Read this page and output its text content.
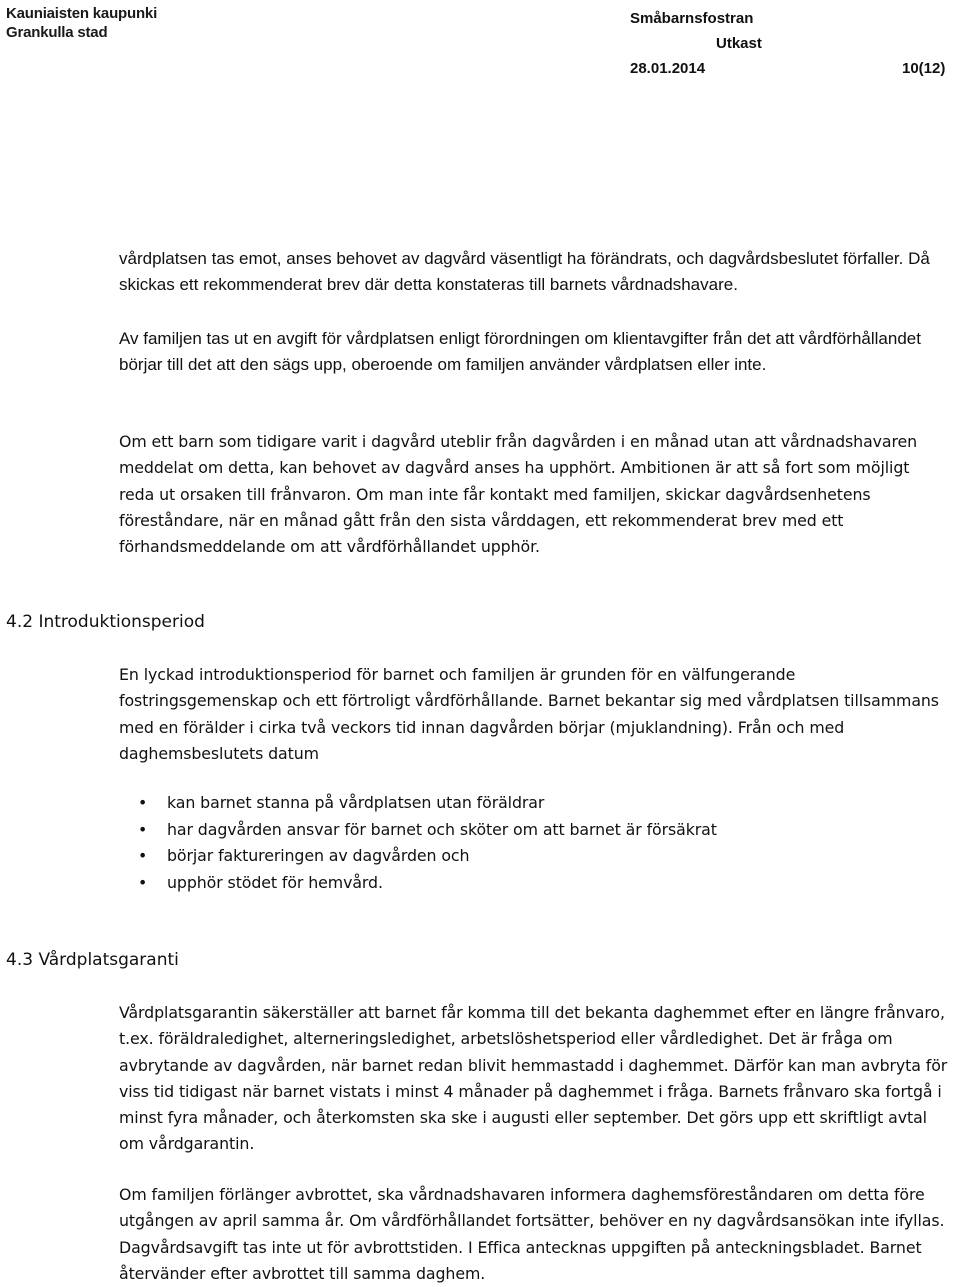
Kauniaisten kaupunki
Grankulla stad
Småbarnsfostran
Utkast
28.01.2014	10(12)

vårdplatsen tas emot, anses behovet av dagvård väsentligt ha förändrats, och dagvårdsbeslutet förfaller. Då skickas ett rekommenderat brev där detta konstateras till barnets vårdnadshavare.

Av familjen tas ut en avgift för vårdplatsen enligt förordningen om klientavgifter från det att vårdförhållandet börjar till det att den sägs upp, oberoende om familjen använder vårdplatsen eller inte.

Om ett barn som tidigare varit i dagvård uteblir från dagvården i en månad utan att vårdnadshavaren meddelat om detta, kan behovet av dagvård anses ha upphört. Ambitionen är att så fort som möjligt reda ut orsaken till frånvaron. Om man inte får kontakt med familjen, skickar dagvårdsenhetens föreståndare, när en månad gått från den sista vårddagen, ett rekommenderat brev med ett förhandsmeddelande om att vårdförhållandet upphör.

4.2 Introduktionsperiod

En lyckad introduktionsperiod för barnet och familjen är grunden för en välfungerande fostringsgemenskap och ett förtroligt vårdförhållande. Barnet bekantar sig med vårdplatsen tillsammans med en förälder i cirka två veckors tid innan dagvården börjar (mjuklandning). Från och med daghemsbeslutets datum

• kan barnet stanna på vårdplatsen utan föräldrar
• har dagvården ansvar för barnet och sköter om att barnet är försäkrat
• börjar faktureringen av dagvården och
• upphör stödet för hemvård.
4.3 Vårdplatsgaranti

Vårdplatsgarantin säkerställer att barnet får komma till det bekanta daghemmet efter en längre frånvaro, t.ex. föräldraledighet, alterneringsledighet, arbetslöshetsperiod eller vårdledighet. Det är fråga om avbrytande av dagvården, när barnet redan blivit hemmastadd i daghemmet. Därför kan man avbryta för viss tid tidigast när barnet vistats i minst 4 månader på daghemmet i fråga. Barnets frånvaro ska fortgå i minst fyra månader, och återkomsten ska ske i augusti eller september. Det görs upp ett skriftligt avtal om vårdgarantin.

Om familjen förlänger avbrottet, ska vårdnadshavaren informera daghemsföreståndaren om detta före utgången av april samma år. Om vårdförhållandet fortsätter, behöver en ny dagvårdsansökan inte ifyllas. Dagvårdsavgift tas inte ut för avbrottstiden. I Effica antecknas uppgiften på anteckningsbladet. Barnet återvänder efter avbrottet till samma daghem.
